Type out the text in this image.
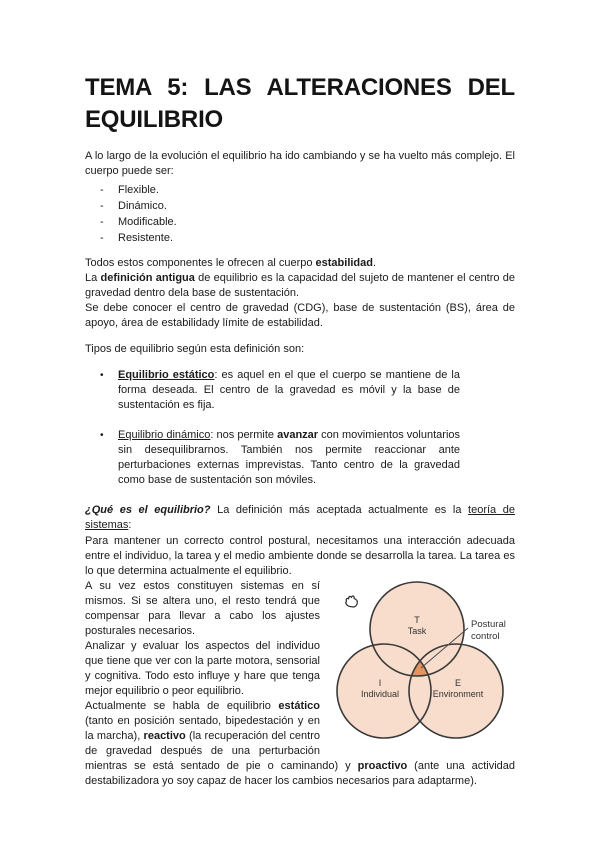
TEMA 5: LAS ALTERACIONES DEL EQUILIBRIO

A lo largo de la evolución el equilibrio ha ido cambiando y se ha vuelto más complejo. El cuerpo puede ser:

-	Flexible.
-	Dinámico.
-	Modificable.
-	Resistente.

Todos estos componentes le ofrecen al cuerpo estabilidad.

La definición antigua de equilibrio es la capacidad del sujeto de mantener el centro de gravedad dentro dela base de sustentación.

Se debe conocer el centro de gravedad (CDG), base de sustentación (BS), área de apoyo, área de estabilidady límite de estabilidad.

Tipos de equilibrio según esta definición son:

•	Equilibrio estático: es aquel en el que el cuerpo se mantiene de la forma deseada. El centro de la gravedad es móvil y la base de sustentación es fija.
•	Equilibrio dinámico: nos permite avanzar con movimientos voluntarios sin desequilibrarnos. También nos permite reaccionar ante perturbaciones externas imprevistas. Tanto centro de la gravedad como base de sustentación son móviles.

¿Qué es el equilibrio? La definición más aceptada actualmente es la teoría de sistemas:

Para mantener un correcto control postural, necesitamos una interacción adecuada entre el individuo, la tarea y el medio ambiente donde se desarrolla la tarea. La tarea es lo que determina actualmente el equilibrio.

T
Task
I
Individual
E
Environment
Postural
control

A su vez estos constituyen sistemas en sí mismos. Si se altera uno, el resto tendrá que compensar para llevar a cabo los ajustes posturales necesarios.

Analizar y evaluar los aspectos del individuo que tiene que ver con la parte motora, sensorial y cognitiva. Todo esto influye y hare que tenga mejor equilibrio o peor equilibrio.

Actualmente se habla de equilibrio estático (tanto en posición sentado, bipedestación y en la marcha), reactivo (la recuperación del centro de gravedad después de una perturbación mientras se está sentado de pie o caminando) y proactivo (ante una actividad destabilizadora yo soy capaz de hacer los cambios necesarios para adaptarme).
